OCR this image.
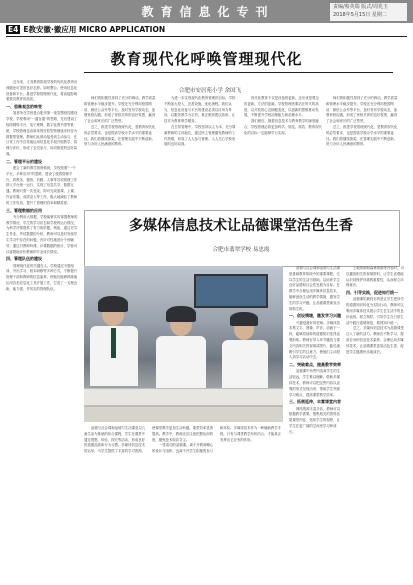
教育信息化专刊	责编/蔡英瑞 版式/周兆玉
2018年5月15日 星期二
E4 E教安徽·徽应用 MICRO APPLICATION
教育现代化呼唤管理现代化
合肥市安居苑小学 余国飞

近年来，义务教育阶段学校的现代化教育出现随处可见的良好态势。如何整合、使用信息化设备和平台、推进学校管理现代化，将直接影响着我们教育的品质。

一、思维观念的转变

笔者所在学校是合肥市第一批智慧校园建设学校，学校利用“一通百通”的思路，先后建设了校园网络平台、电子班牌、数字化图书馆等系统，学校管理也由原来的经验型管理逐步转变为数据型管理。教师们从被动接受到主动参与，在日常工作中自觉地运用信息化手段开展教学、管理与评价，形成了全员参与、协同推进的良好局面。

二、管理平台的建设

配合了新的教学管理系统，学校按照“一个平台、多种应用”的思路，建设了校园管理平台，将教务、德育、后勤、人事等各项管理工作纳入平台统一运行，实现了信息共享、数据互通。教师只需一次登录，即可完成备课、上课、作业布置、成绩录入等工作，极大地减轻了教师的工作负担，提升了管理的效率和精准度。

三、管理数据的应用

充分利用大数据，学校能够实时掌握教师的教学情况、学生的学习状态和学校的运行情况，为科学决策提供了有力的依据。例如，通过对学生作业、考试数据的分析，教师可以及时发现学生学习中存在的问题，有针对性地进行个别辅导；通过对教师听课、评课数据的统计，学校可以客观地评价教师的专业成长情况。

四、管理队伍的建设

管理现代化的关键在人。学校通过专题培训、外出学习、校本研修等多种方式，不断提升管理干部和教师的信息素养，使他们能够熟练地运用各类信息化工具开展工作，打造了一支理念新、能力强、作风实的管理队伍。

师们的积极性得到了充分的调动，教学质量和管理水平稳步提升。学校还充分利用校园网站、微信公众号等平台，及时发布学校动态，加强家校沟通，形成了家校共育的良好氛围，赢得了社会和家长的广泛赞誉。

总之，推进学校管理现代化，是教育现代化的必然要求，也是提高学校办学水平的重要途径。我们将继续探索，在管理实践中不断创新，努力办好人民满意的教育。

为进一步实现现代化教育管理的目标，学校不断加大投入，完善设施，优化流程。我们认为，信息化设备与平台的建设必须以应用为导向，以服务教学为宗旨，真正做到建以致用，让技术为教育教学服务。

在日常管理中，学校坚持以人为本，充分尊重教师的主体地位，通过民主管理激发教师的工作热情，形成了人人参与管理、人人关心学校发展的良好局面。

现代化教育不仅是设备的更新，还应该是观念的更新、方法的更新。学校管理者要站在时代的高度，以开放的心态拥抱变化，以创新的思维推动发展，不断提升学校治理能力和治理水平。

我们相信，随着信息技术与教育教学的深度融合，学校管理必将更加科学、规范、高效，教育现代化的目标一定能够早日实现。

师们的积极性得到了充分的调动，教学质量和管理水平稳步提升。学校还充分利用校园网站、微信公众号等平台，及时发布学校动态，加强家校沟通，形成了家校共育的良好氛围，赢得了社会和家长的广泛赞誉。

总之，推进学校管理现代化，是教育现代化的必然要求，也是提高学校办学水平的重要途径。我们将继续探索，在管理实践中不断创新，努力办好人民满意的教育。

多媒体信息技术让品德课堂活色生香
合肥市翡翠学校 易忠霞

品德与社会课和品德与生活课是基础教育阶段中的重要课程，它以学生的生活为基础，以培养学生良好品德和社会性发展为目标。在教学中合理运用多媒体信息技术，能够创设生动的教学情境，激发学生的学习兴趣，让品德课堂焕发出勃勃生机。

一、创设情境，激发学习兴趣

兴趣是最好的老师。多媒体技术集文字、图像、声音、动画于一体，能够将抽象的道德知识变得直观形象。教师在导入环节播放与课文内容相关的视频或图片，能迅速吸引学生的注意力，使他们主动投入到学习活动中去。

二、突破难点，提高教学效率

品德课中有些内容离学生的生活较远，学生难以理解。借助多媒体技术，教师可以把这些内容以直观的形式呈现出来，帮助学生突破学习难点，提高课堂教学效率。

三、拓展延伸，丰富课堂内容

网络资源丰富多彩，教师可以根据教学需要，搜集相关的资料拓展课堂内容，拓宽学生的视野，让学生在更广阔的空间里学习和成长。

土地资源和森林资源等内容时，可以播放相关的视频资料，让学生直观地认识到保护环境的重要性，从而树立环保意识。

四、引导实践，促进知行统一

品德课的最终目的是让学生把所学的道德知识转化为实际行动。教师可以利用多媒体技术展示学生在生活中的良好表现，树立榜样，引导学生在日常生活中践行道德规范，做到知行统一。

总之，多媒体信息技术为品德课堂注入了新的活力。教师应不断学习，提高自身的信息技术素养，合理运用多媒体技术，让品德课堂更加活色生香，促进学生健康快乐地成长。

品德与社会课和品德与生活课是以儿童生活为基础的综合课程，学生在课堂中通过观察、体验、探究等活动，形成良好的道德品质和行为习惯。多媒体信息技术的运用，为学生提供了丰富的学习资源，使课堂教学更加生动有趣，课堂效率显著提高。教学中，教师还应注意把握运用的度，避免技术喧宾夺主。

一堂成功的品德课，离不开教师精心的设计与组织，也离不开学生积极的参与和体验。多媒体技术作为一种辅助教学手段，只有与课堂教学有机结合，才能真正发挥出它应有的作用。
